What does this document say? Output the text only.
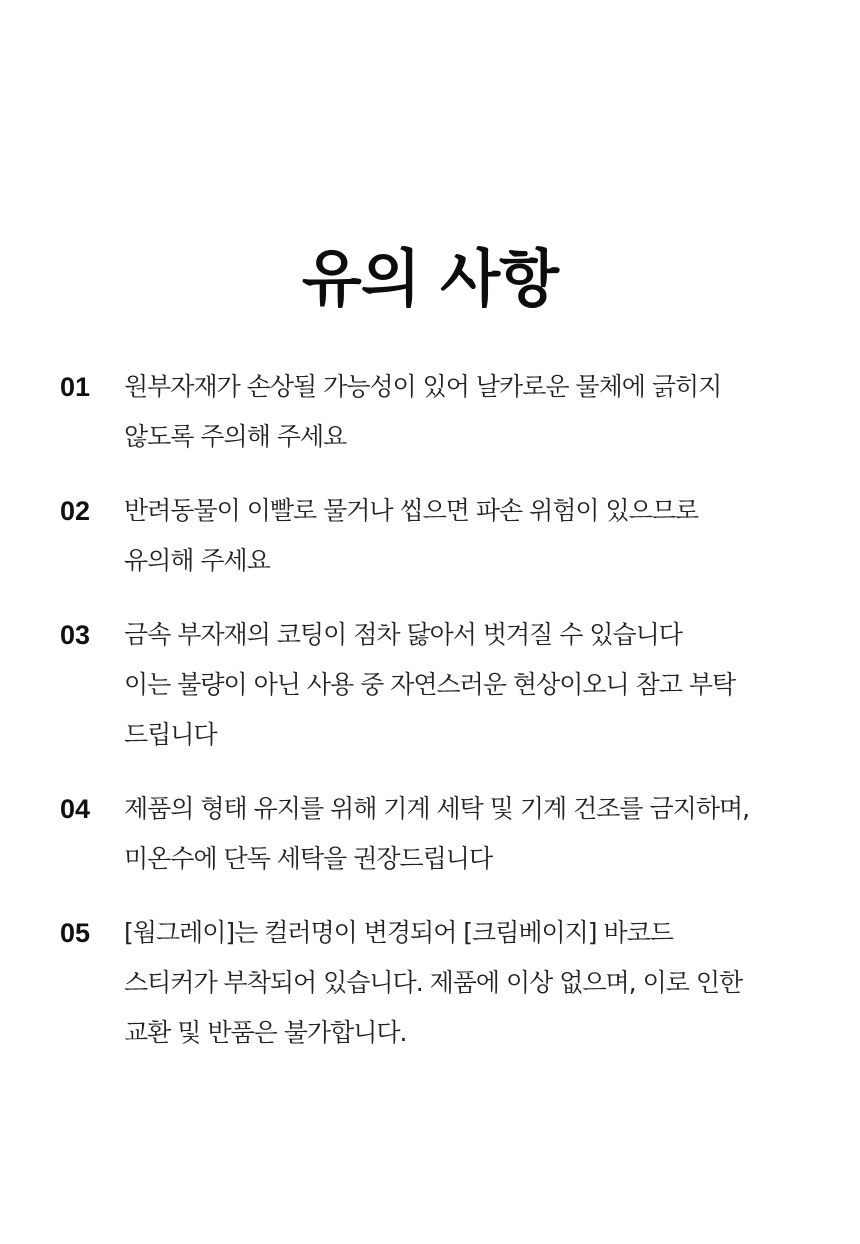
유의 사항
01	원부자재가 손상될 가능성이 있어 날카로운 물체에 긁히지
않도록 주의해 주세요
02	반려동물이 이빨로 물거나 씹으면 파손 위험이 있으므로
유의해 주세요
03	금속 부자재의 코팅이 점차 닳아서 벗겨질 수 있습니다
이는 불량이 아닌 사용 중 자연스러운 현상이오니 참고 부탁
드립니다
04	제품의 형태 유지를 위해 기계 세탁 및 기계 건조를 금지하며,
미온수에 단독 세탁을 권장드립니다
05	[웜그레이]는 컬러명이 변경되어 [크림베이지] 바코드
스티커가 부착되어 있습니다. 제품에 이상 없으며, 이로 인한
교환 및 반품은 불가합니다.
